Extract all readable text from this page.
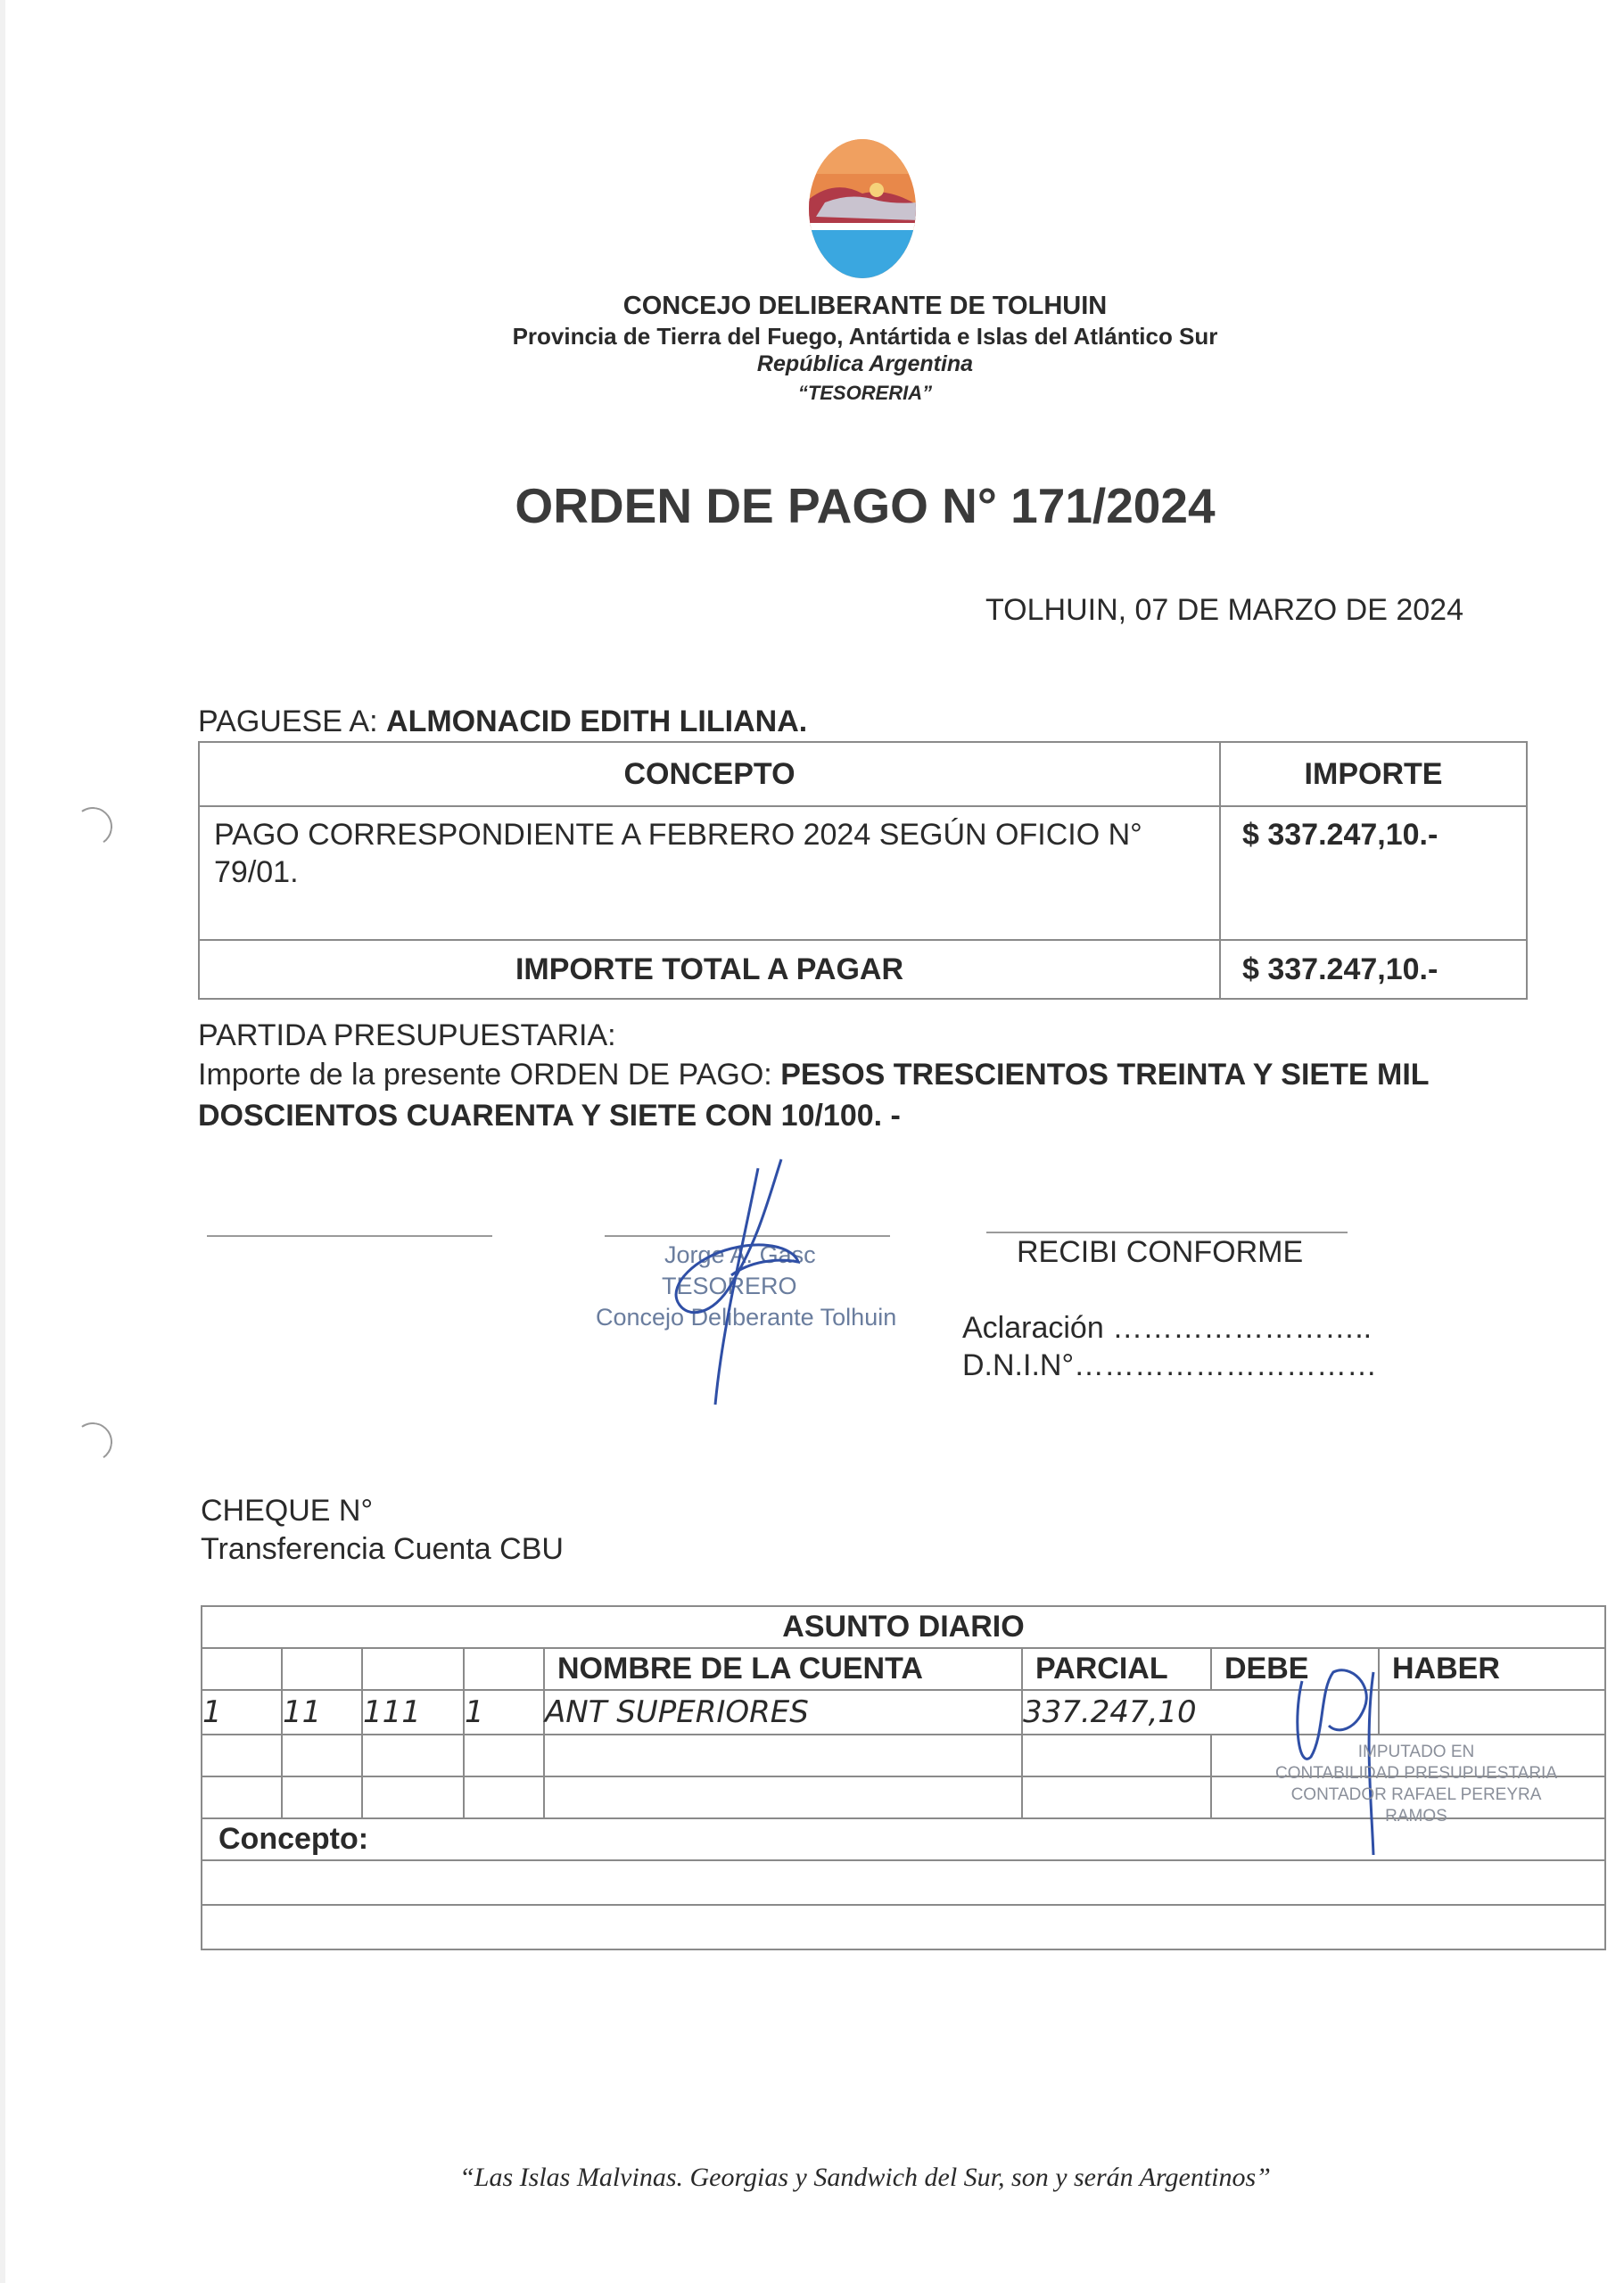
CONCEJO DELIBERANTE DE TOLHUIN
Provincia de Tierra del Fuego, Antártida e Islas del Atlántico Sur
República Argentina
“TESORERIA”
ORDEN DE PAGO N° 171/2024
TOLHUIN, 07 DE MARZO DE 2024
PAGUESE A: ALMONACID EDITH LILIANA.
CONCEPTO	IMPORTE
PAGO CORRESPONDIENTE A FEBRERO 2024 SEGÚN OFICIO N° 79/01.	$ 337.247,10.-
IMPORTE TOTAL A PAGAR	$ 337.247,10.-
PARTIDA PRESUPUESTARIA:
Importe de la presente ORDEN DE PAGO: PESOS TRESCIENTOS TREINTA Y SIETE MIL DOSCIENTOS CUARENTA Y SIETE CON 10/100. -
Jorge A. Gasc
TESORERO
Concejo Deliberante Tolhuin
RECIBI CONFORME
Aclaración ……………………..
D.N.I.N°…………………………
CHEQUE N°
Transferencia Cuenta CBU
ASUNTO DIARIO							
				NOMBRE DE LA CUENTA	PARCIAL	DEBE	HABER
1	11	111	1	ANT SUPERIORES	337.247,10		

Concepto:							

IMPUTADO EN
CONTABILIDAD PRESUPUESTARIA
CONTADOR RAFAEL PEREYRA RAMOS
“Las Islas Malvinas. Georgias y Sandwich del Sur, son y serán Argentinos”
